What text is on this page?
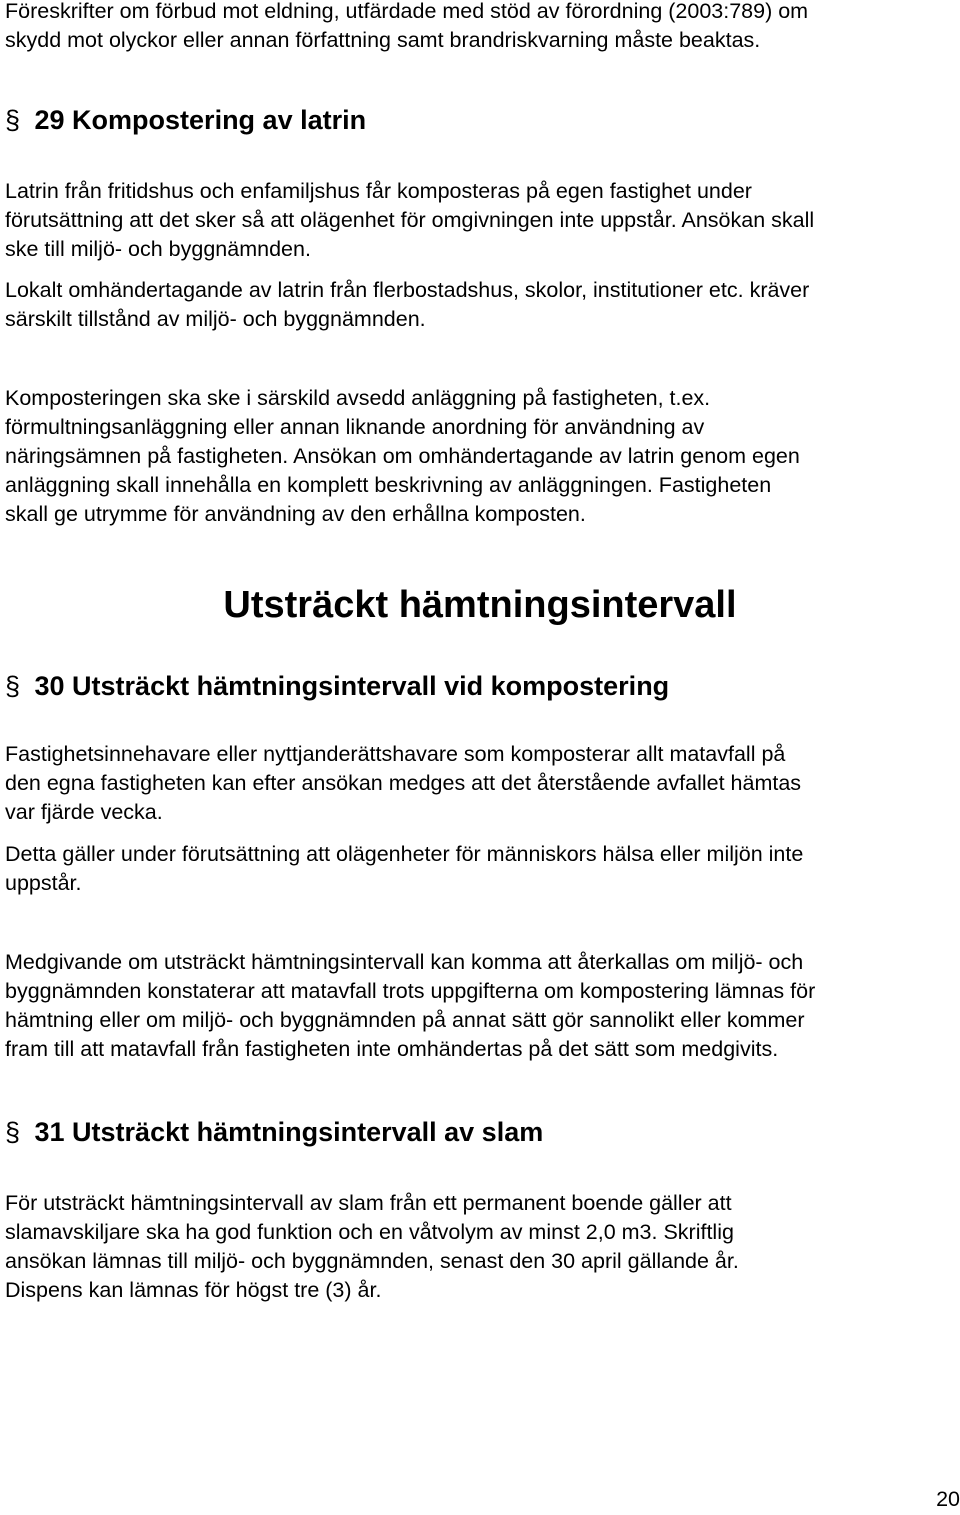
Föreskrifter om förbud mot eldning, utfärdade med stöd av förordning (2003:789) om

skydd mot olyckor eller annan författning samt brandriskvarning måste beaktas.

§ 29 Kompostering av latrin

Latrin från fritidshus och enfamiljshus får komposteras på egen fastighet under

förutsättning att det sker så att olägenhet för omgivningen inte uppstår. Ansökan skall

ske till miljö- och byggnämnden.

Lokalt omhändertagande av latrin från flerbostadshus, skolor, institutioner etc. kräver

särskilt tillstånd av miljö- och byggnämnden.

Komposteringen ska ske i särskild avsedd anläggning på fastigheten, t.ex.

förmultningsanläggning eller annan liknande anordning för användning av

näringsämnen på fastigheten. Ansökan om omhändertagande av latrin genom egen

anläggning skall innehålla en komplett beskrivning av anläggningen. Fastigheten

skall ge utrymme för användning av den erhållna komposten.

Utsträckt hämtningsintervall
§ 30 Utsträckt hämtningsintervall vid kompostering

Fastighetsinnehavare eller nyttjanderättshavare som komposterar allt matavfall på

den egna fastigheten kan efter ansökan medges att det återstående avfallet hämtas

var fjärde vecka.

Detta gäller under förutsättning att olägenheter för människors hälsa eller miljön inte

uppstår.

Medgivande om utsträckt hämtningsintervall kan komma att återkallas om miljö- och

byggnämnden konstaterar att matavfall trots uppgifterna om kompostering lämnas för

hämtning eller om miljö- och byggnämnden på annat sätt gör sannolikt eller kommer

fram till att matavfall från fastigheten inte omhändertas på det sätt som medgivits.

§ 31 Utsträckt hämtningsintervall av slam

För utsträckt hämtningsintervall av slam från ett permanent boende gäller att

slamavskiljare ska ha god funktion och en våtvolym av minst 2,0 m3. Skriftlig

ansökan lämnas till miljö- och byggnämnden, senast den 30 april gällande år.

Dispens kan lämnas för högst tre (3) år.

20
